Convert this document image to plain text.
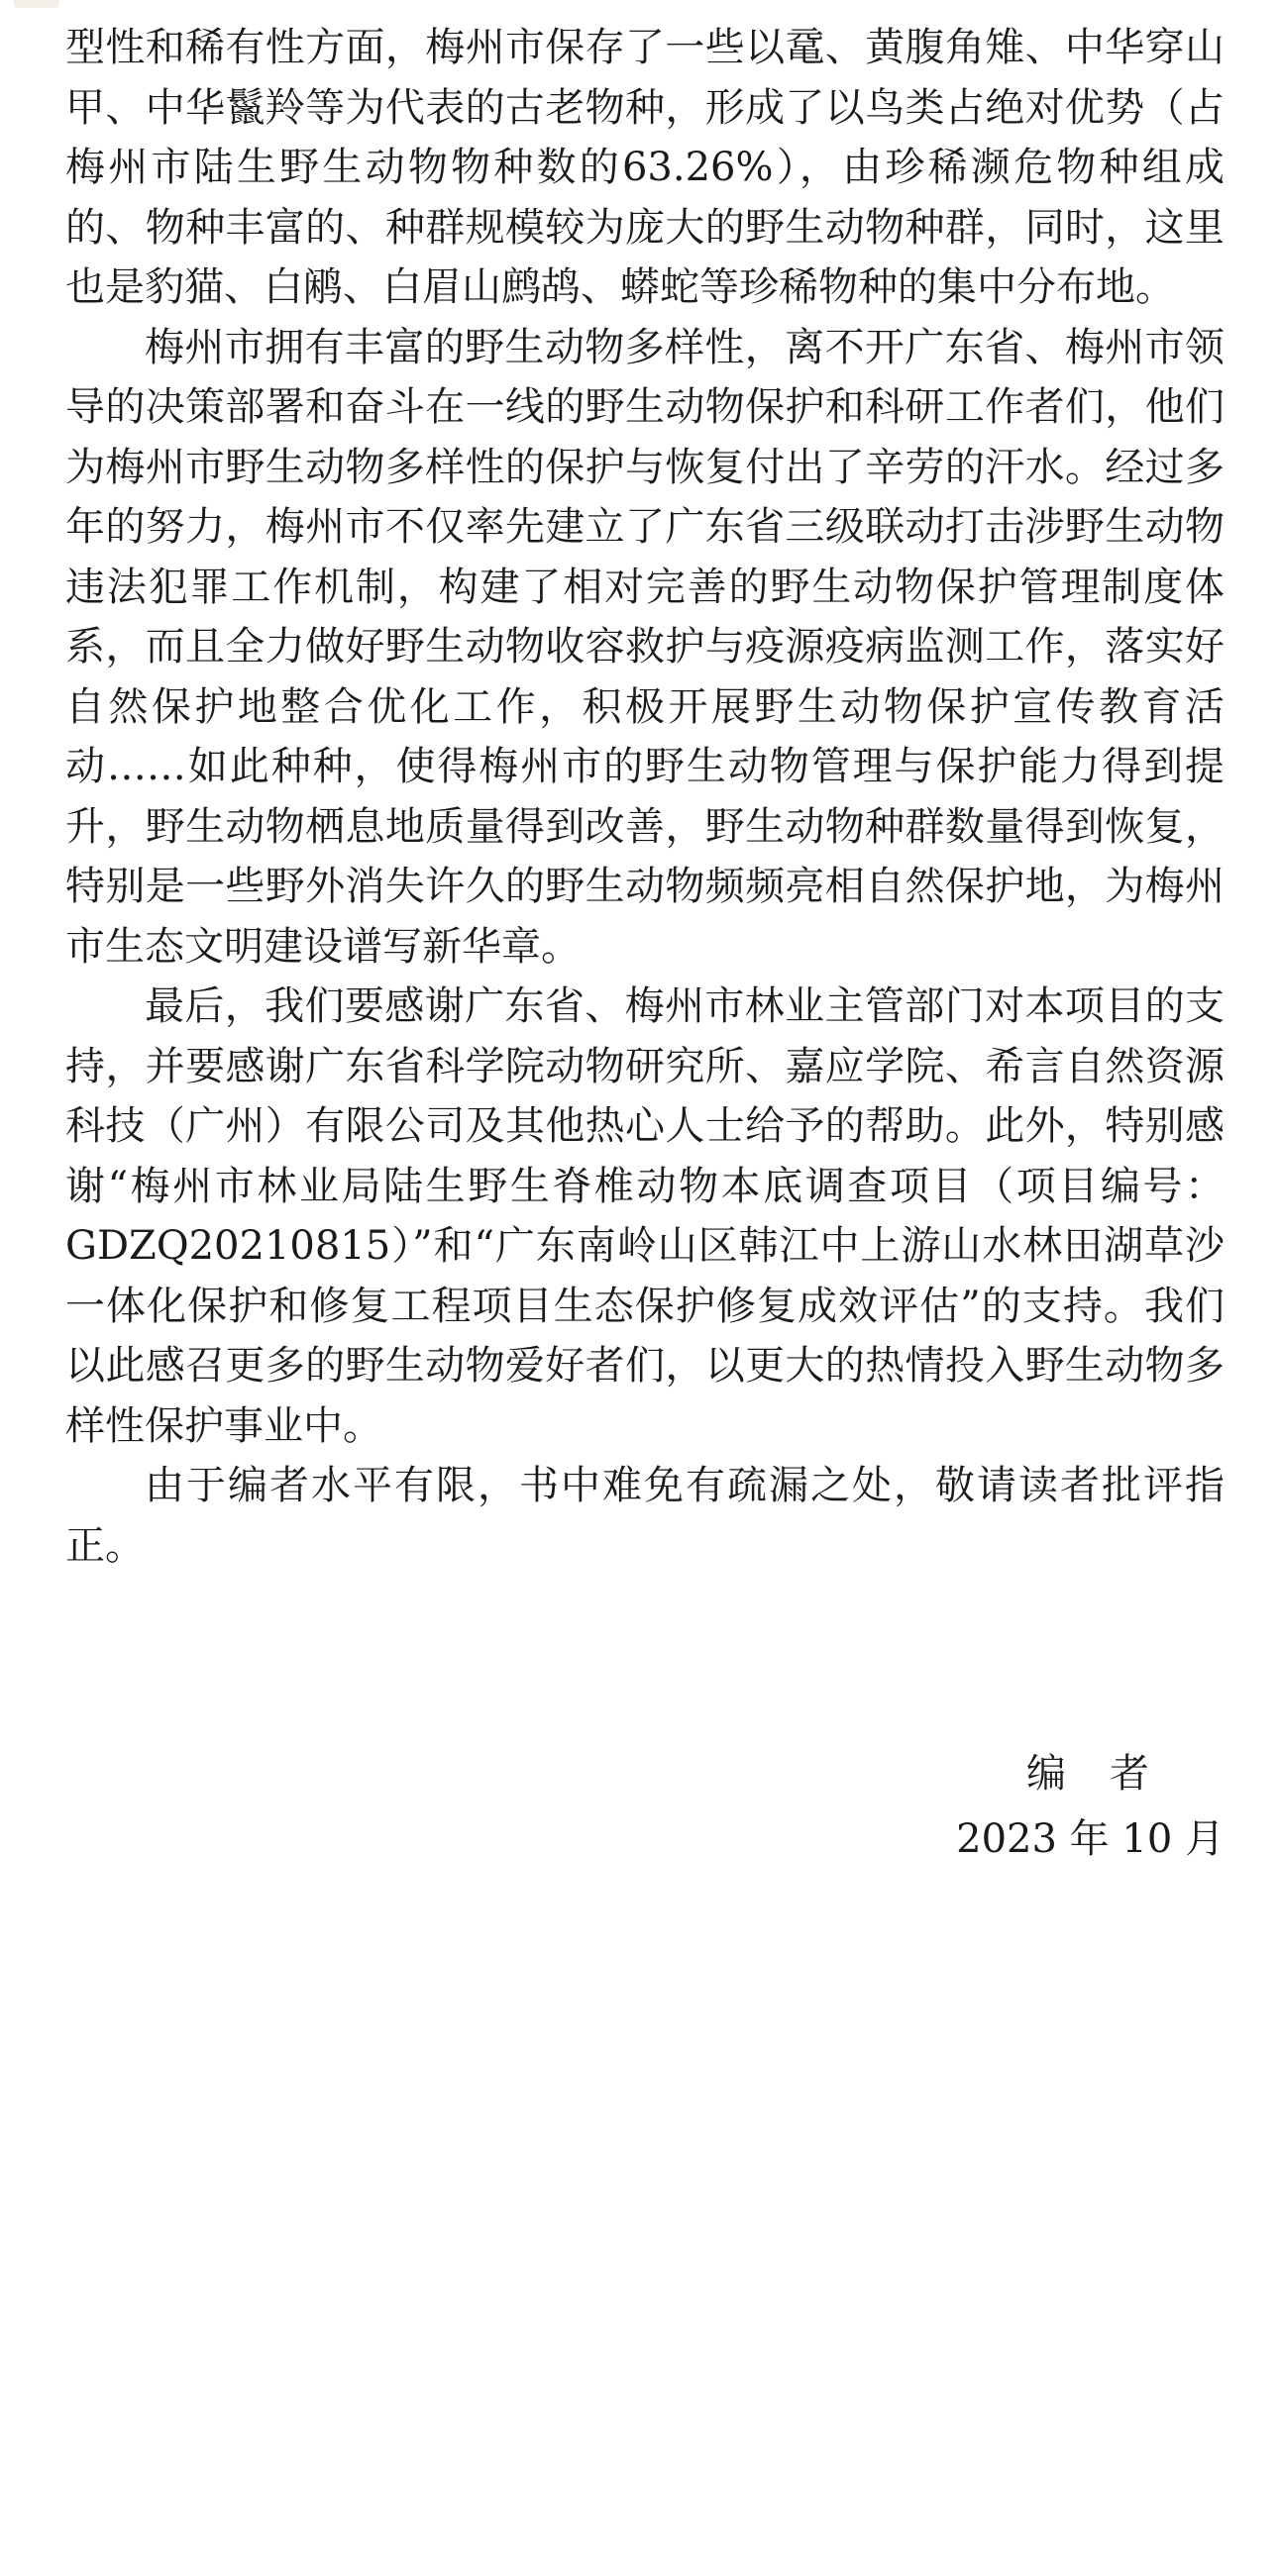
型性和稀有性方面，梅州市保存了一些以鼋、黄腹角雉、中华穿山甲、中华鬣羚等为代表的古老物种，形成了以鸟类占绝对优势（占梅州市陆生野生动物物种数的63.26%），由珍稀濒危物种组成的、物种丰富的、种群规模较为庞大的野生动物种群，同时，这里也是豹猫、白鹇、白眉山鹧鸪、蟒蛇等珍稀物种的集中分布地。

梅州市拥有丰富的野生动物多样性，离不开广东省、梅州市领导的决策部署和奋斗在一线的野生动物保护和科研工作者们，他们为梅州市野生动物多样性的保护与恢复付出了辛劳的汗水。经过多年的努力，梅州市不仅率先建立了广东省三级联动打击涉野生动物违法犯罪工作机制，构建了相对完善的野生动物保护管理制度体系，而且全力做好野生动物收容救护与疫源疫病监测工作，落实好自然保护地整合优化工作，积极开展野生动物保护宣传教育活动……如此种种，使得梅州市的野生动物管理与保护能力得到提升，野生动物栖息地质量得到改善，野生动物种群数量得到恢复，特别是一些野外消失许久的野生动物频频亮相自然保护地，为梅州市生态文明建设谱写新华章。

最后，我们要感谢广东省、梅州市林业主管部门对本项目的支持，并要感谢广东省科学院动物研究所、嘉应学院、希言自然资源科技（广州）有限公司及其他热心人士给予的帮助。此外，特别感谢“梅州市林业局陆生野生脊椎动物本底调查项目（项目编号：GDZQ20210815）”和“广东南岭山区韩江中上游山水林田湖草沙一体化保护和修复工程项目生态保护修复成效评估”的支持。我们以此感召更多的野生动物爱好者们，以更大的热情投入野生动物多样性保护事业中。

由于编者水平有限，书中难免有疏漏之处，敬请读者批评指正。

编者
2023 年 10 月
